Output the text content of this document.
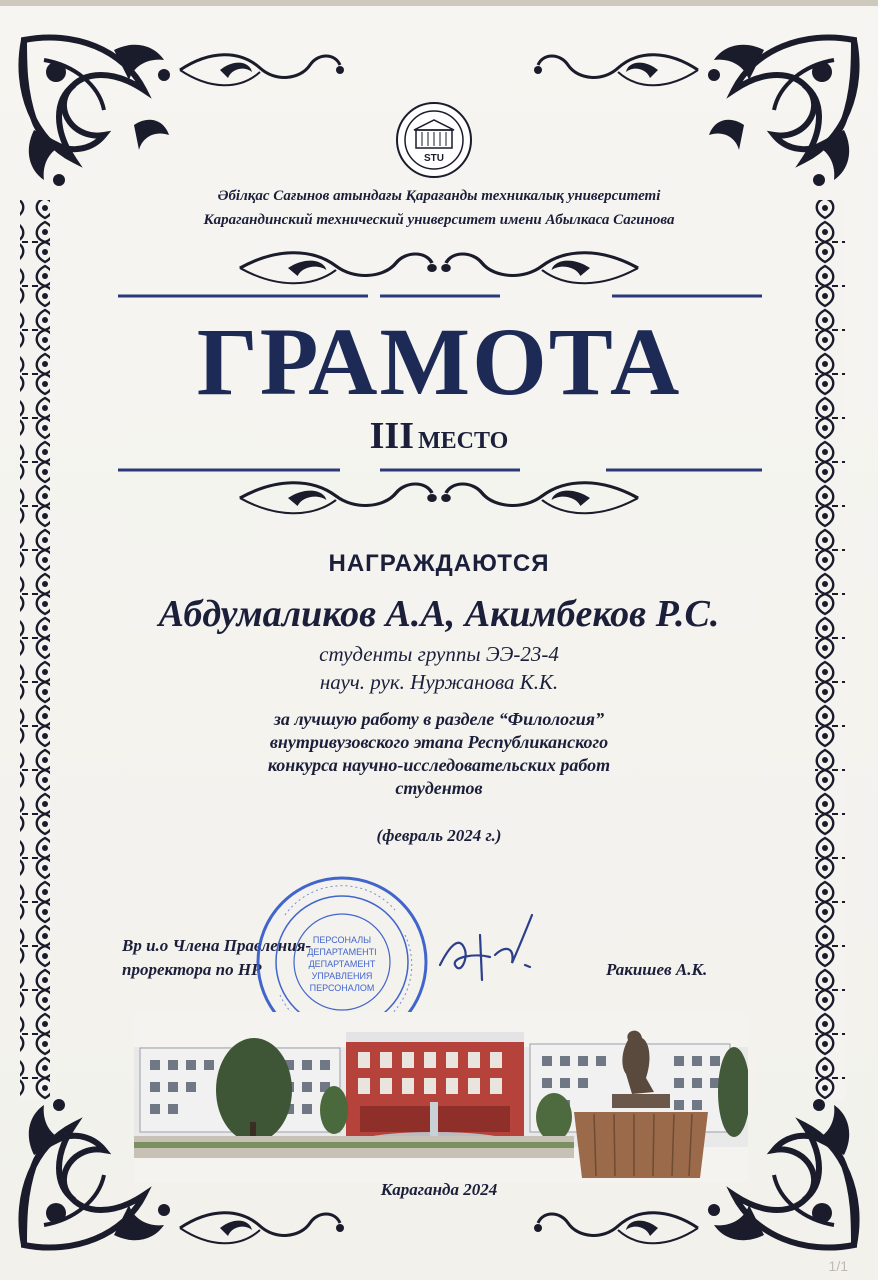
STU
Әбілқас Сағынов атындағы Қарағанды техникалық университеті
Карагандинский технический университет имени Абылкаса Сагинова
ГРАМОТА
III МЕСТО
НАГРАЖДАЮТСЯ
Абдумаликов А.А, Акимбеков Р.С.
студенты группы ЭЭ-23-4
науч. рук. Нуржанова К.К.
за лучшую работу в разделе “Филология”
внутривузовского этапа Республиканского
конкурса научно-исследовательских работ
студентов
(февраль 2024 г.)
Вр и.о Члена Правления-
проректора по НР	Ракишев А.К.
ПЕРСОНАЛЫ
ДЕПАРТАМЕНТІ
ДЕПАРТАМЕНТ
УПРАВЛЕНИЯ
ПЕРСОНАЛОМ
Караганда 2024
1/1
